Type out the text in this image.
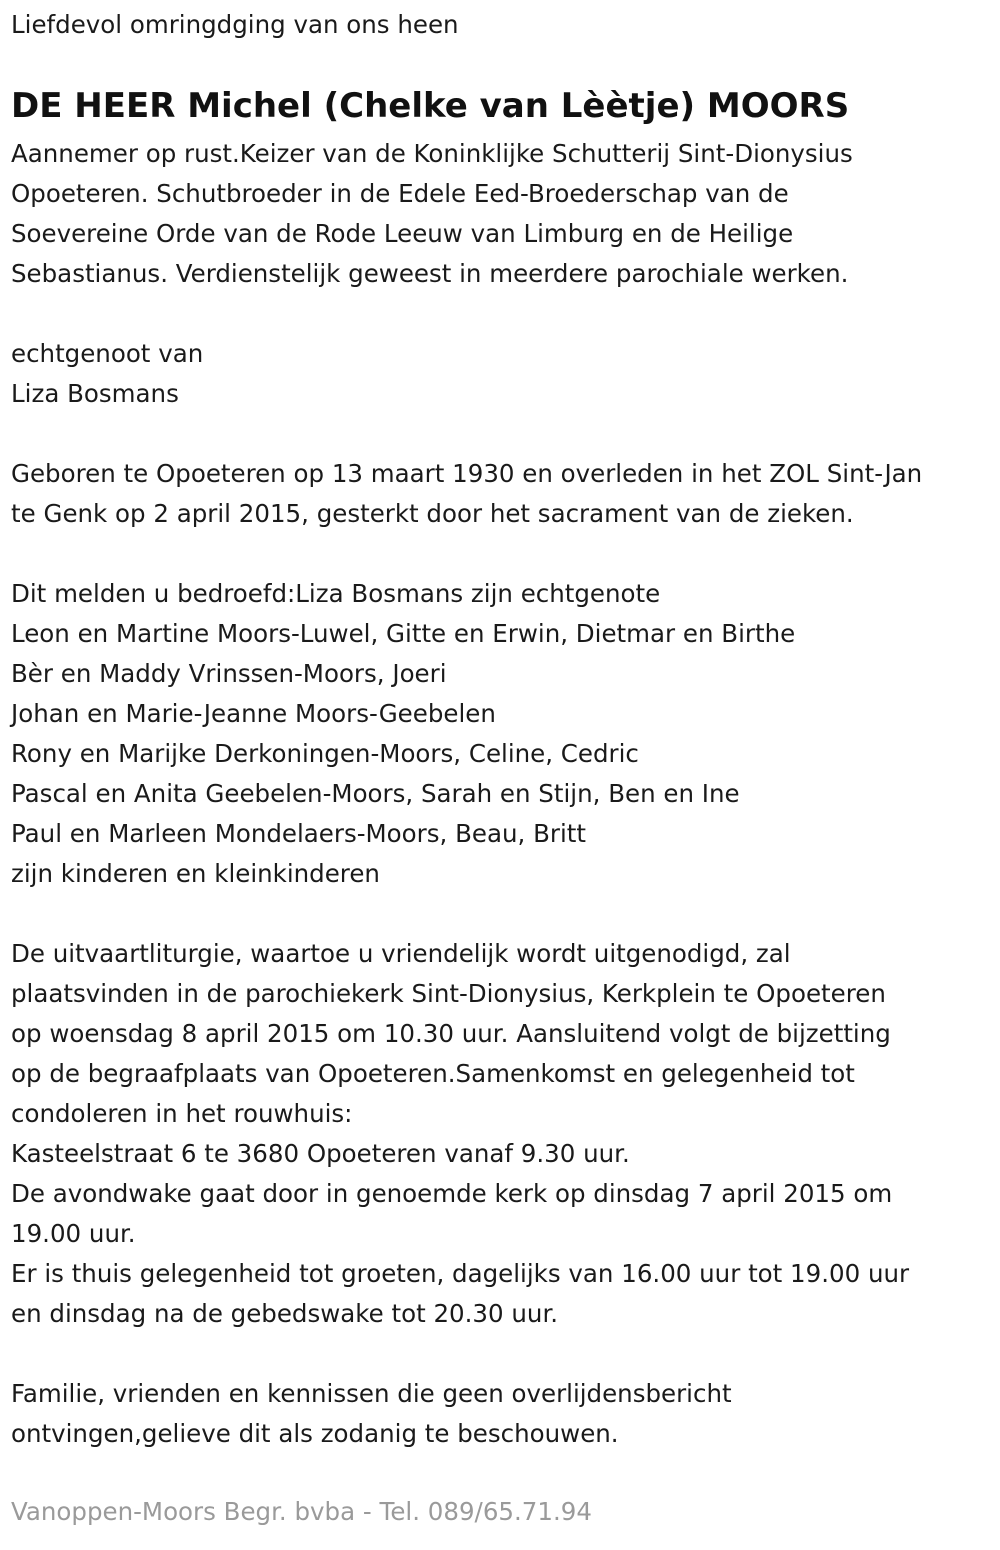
Liefdevol omringdging van ons heen
DE HEER Michel (Chelke van Lèètje) MOORS
Aannemer op rust.Keizer van de Koninklijke Schutterij Sint-Dionysius
Opoeteren. Schutbroeder in de Edele Eed-Broederschap van de
Soevereine Orde van de Rode Leeuw van Limburg en de Heilige
Sebastianus. Verdienstelijk geweest in meerdere parochiale werken.
echtgenoot van
Liza Bosmans
Geboren te Opoeteren op 13 maart 1930 en overleden in het ZOL Sint-Jan
te Genk op 2 april 2015, gesterkt door het sacrament van de zieken.
Dit melden u bedroefd:Liza Bosmans zijn echtgenote
Leon en Martine Moors-Luwel, Gitte en Erwin, Dietmar en Birthe
Bèr en Maddy Vrinssen-Moors, Joeri
Johan en Marie-Jeanne Moors-Geebelen
Rony en Marijke Derkoningen-Moors, Celine, Cedric
Pascal en Anita Geebelen-Moors, Sarah en Stijn, Ben en Ine
Paul en Marleen Mondelaers-Moors, Beau, Britt
zijn kinderen en kleinkinderen
De uitvaartliturgie, waartoe u vriendelijk wordt uitgenodigd, zal
plaatsvinden in de parochiekerk Sint-Dionysius, Kerkplein te Opoeteren
op woensdag 8 april 2015 om 10.30 uur. Aansluitend volgt de bijzetting
op de begraafplaats van Opoeteren.Samenkomst en gelegenheid tot
condoleren in het rouwhuis:
Kasteelstraat 6 te 3680 Opoeteren vanaf 9.30 uur.
De avondwake gaat door in genoemde kerk op dinsdag 7 april 2015 om
19.00 uur.
Er is thuis gelegenheid tot groeten, dagelijks van 16.00 uur tot 19.00 uur
en dinsdag na de gebedswake tot 20.30 uur.
Familie, vrienden en kennissen die geen overlijdensbericht
ontvingen,gelieve dit als zodanig te beschouwen.
Vanoppen-Moors Begr. bvba - Tel. 089/65.71.94
